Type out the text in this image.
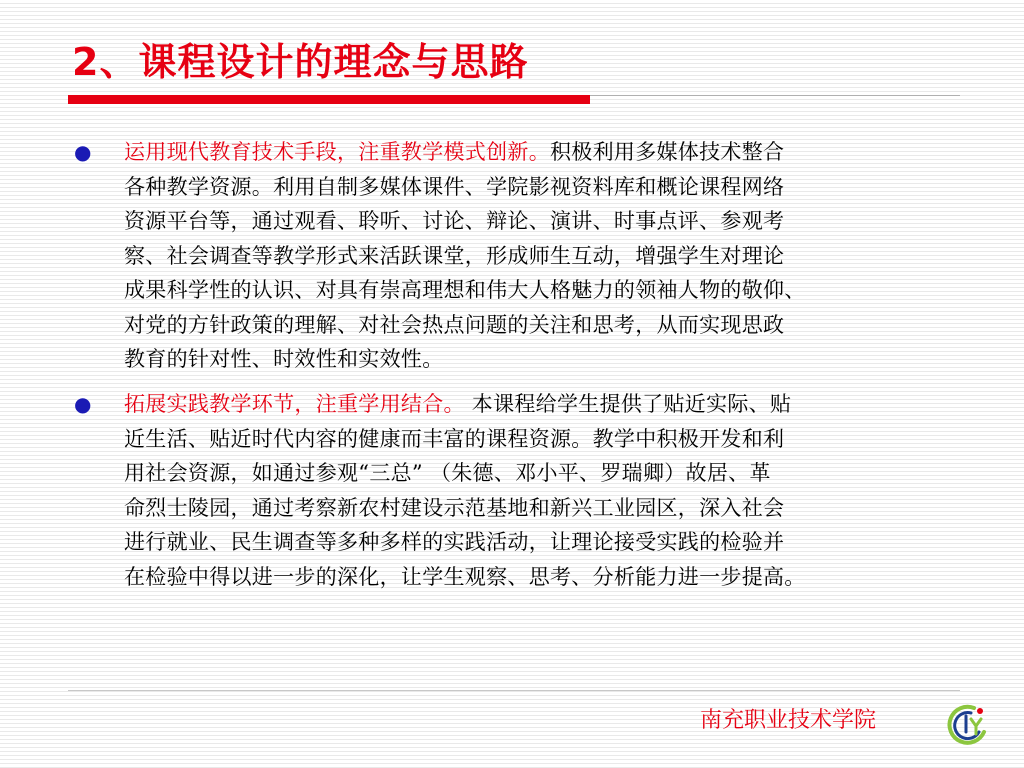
2、课程设计的理念与思路
● 运用现代教育技术手段，注重教学模式创新。积极利用多媒体技术整合
各种教学资源。利用自制多媒体课件、学院影视资料库和概论课程网络
资源平台等，通过观看、聆听、讨论、辩论、演讲、时事点评、参观考
察、社会调查等教学形式来活跃课堂，形成师生互动，增强学生对理论
成果科学性的认识、对具有崇高理想和伟大人格魅力的领袖人物的敬仰、
对党的方针政策的理解、对社会热点问题的关注和思考，从而实现思政
教育的针对性、时效性和实效性。

● 拓展实践教学环节，注重学用结合。 本课程给学生提供了贴近实际、贴
近生活、贴近时代内容的健康而丰富的课程资源。教学中积极开发和利
用社会资源，如通过参观“三总” （朱德、邓小平、罗瑞卿）故居、革
命烈士陵园，通过考察新农村建设示范基地和新兴工业园区，深入社会
进行就业、民生调查等多种多样的实践活动，让理论接受实践的检验并
在检验中得以进一步的深化，让学生观察、思考、分析能力进一步提高。

南充职业技术学院
